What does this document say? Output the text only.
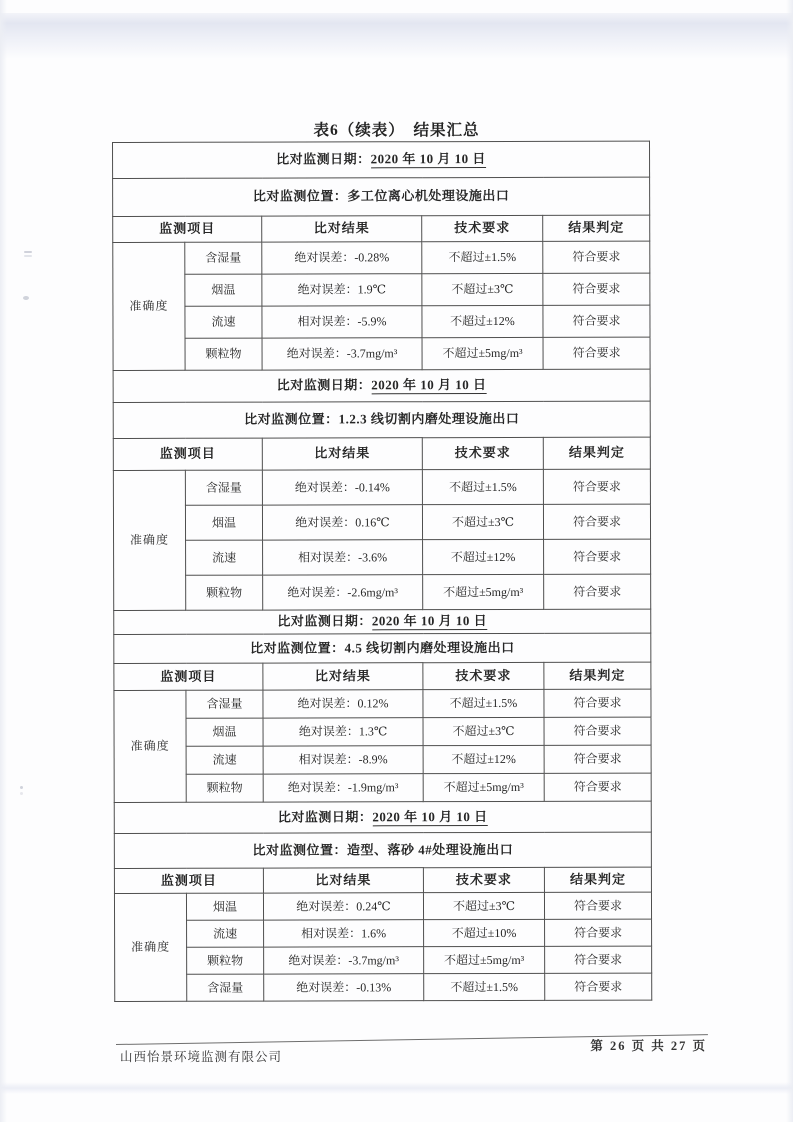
表6（续表）　结果汇总
比对监测日期：2020 年 10 月 10 日				
比对监测位置：多工位离心机处理设施出口				
监测项目		比对结果	技术要求	结果判定
准确度	含湿量	绝对误差：-0.28%	不超过±1.5%	符合要求
	烟温	绝对误差：1.9℃	不超过±3℃	符合要求
	流速	相对误差：-5.9%	不超过±12%	符合要求
	颗粒物	绝对误差：-3.7mg/m³	不超过±5mg/m³	符合要求
比对监测日期：2020 年 10 月 10 日				
比对监测位置：1.2.3 线切割内磨处理设施出口				
监测项目		比对结果	技术要求	结果判定
准确度	含湿量	绝对误差：-0.14%	不超过±1.5%	符合要求
	烟温	绝对误差：0.16℃	不超过±3℃	符合要求
	流速	相对误差：-3.6%	不超过±12%	符合要求
	颗粒物	绝对误差：-2.6mg/m³	不超过±5mg/m³	符合要求
比对监测日期：2020 年 10 月 10 日				
比对监测位置：4.5 线切割内磨处理设施出口				
监测项目		比对结果	技术要求	结果判定
准确度	含湿量	绝对误差：0.12%	不超过±1.5%	符合要求
	烟温	绝对误差：1.3℃	不超过±3℃	符合要求
	流速	相对误差：-8.9%	不超过±12%	符合要求
	颗粒物	绝对误差：-1.9mg/m³	不超过±5mg/m³	符合要求
比对监测日期：2020 年 10 月 10 日				
比对监测位置：造型、落砂 4#处理设施出口				
监测项目		比对结果	技术要求	结果判定
准确度	烟温	绝对误差：0.24℃	不超过±3℃	符合要求
	流速	相对误差：1.6%	不超过±10%	符合要求
	颗粒物	绝对误差：-3.7mg/m³	不超过±5mg/m³	符合要求
	含湿量	绝对误差：-0.13%	不超过±1.5%	符合要求
山西怡景环境监测有限公司
第 26 页 共 27 页
